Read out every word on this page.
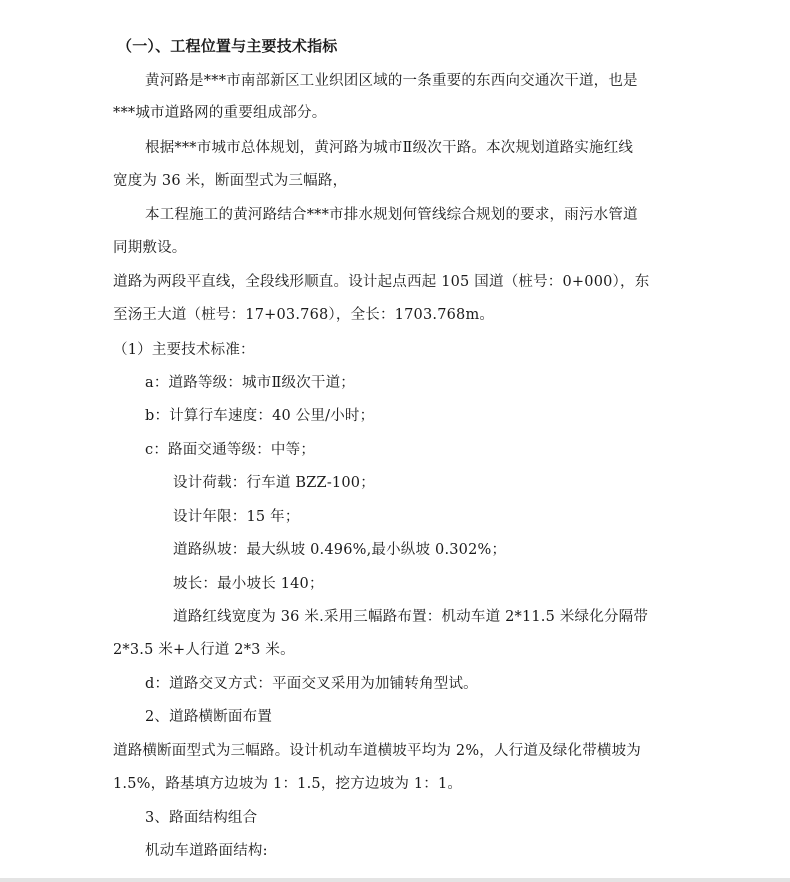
（一）、工程位置与主要技术指标
黄河路是***市南部新区工业织团区域的一条重要的东西向交通次干道，也是
***城市道路网的重要组成部分。
根据***市城市总体规划，黄河路为城市Ⅱ级次干路。本次规划道路实施红线
宽度为 36 米，断面型式为三幅路，
本工程施工的黄河路结合***市排水规划何管线综合规划的要求，雨污水管道
同期敷设。
道路为两段平直线，全段线形顺直。设计起点西起 105 国道（桩号：0+000），东
至汤王大道（桩号：17+03.768），全长：1703.768m。
（1）主要技术标准：
a：道路等级：城市Ⅱ级次干道；
b：计算行车速度：40 公里/小时；
c：路面交通等级：中等；
设计荷载：行车道 BZZ-100；
设计年限：15 年；
道路纵坡：最大纵坡 0.496%,最小纵坡 0.302%；
坡长：最小坡长 140；
道路红线宽度为 36 米.采用三幅路布置：机动车道 2*11.5 米绿化分隔带
2*3.5 米+人行道 2*3 米。
d：道路交叉方式：平面交叉采用为加铺转角型试。
2、道路横断面布置
道路横断面型式为三幅路。设计机动车道横坡平均为 2%，人行道及绿化带横坡为
1.5%，路基填方边坡为 1：1.5，挖方边坡为 1：1。
3、路面结构组合
机动车道路面结构:
